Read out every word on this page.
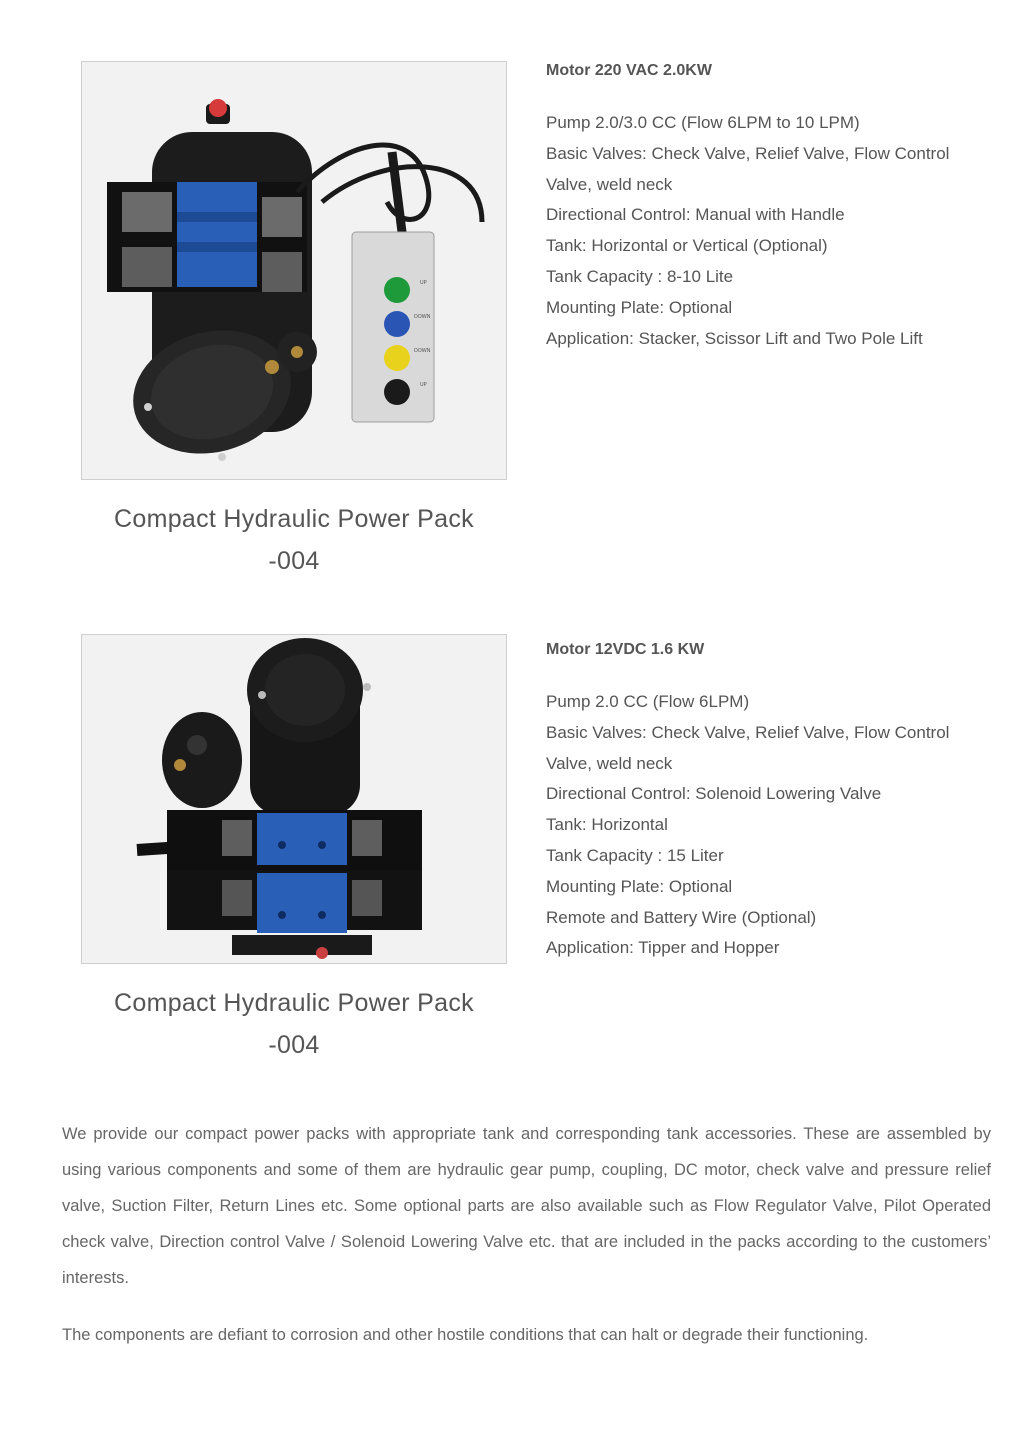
UP
DOWN
DOWN
UP
Compact Hydraulic Power Pack
-004

Motor 220 VAC 2.0KW

Pump 2.0/3.0 CC (Flow 6LPM to 10 LPM)
Basic Valves: Check Valve, Relief Valve, Flow Control Valve, weld neck
Directional Control: Manual with Handle
Tank: Horizontal or Vertical (Optional)
Tank Capacity : 8-10 Lite
Mounting Plate: Optional
Application: Stacker, Scissor Lift and Two Pole Lift
Compact Hydraulic Power Pack
-004

Motor 12VDC 1.6 KW

Pump 2.0 CC (Flow 6LPM)
Basic Valves: Check Valve, Relief Valve, Flow Control Valve, weld neck
Directional Control: Solenoid Lowering Valve
Tank: Horizontal
Tank Capacity : 15 Liter
Mounting Plate: Optional
Remote and Battery Wire (Optional)
Application: Tipper and Hopper

We provide our compact power packs with appropriate tank and corresponding tank accessories. These are assembled by using various components and some of them are hydraulic gear pump, coupling, DC motor, check valve and pressure relief valve, Suction Filter, Return Lines etc. Some optional parts are also available such as Flow Regulator Valve, Pilot Operated check valve, Direction control Valve / Solenoid Lowering Valve etc. that are included in the packs according to the customers’ interests.

The components are defiant to corrosion and other hostile conditions that can halt or degrade their functioning.
